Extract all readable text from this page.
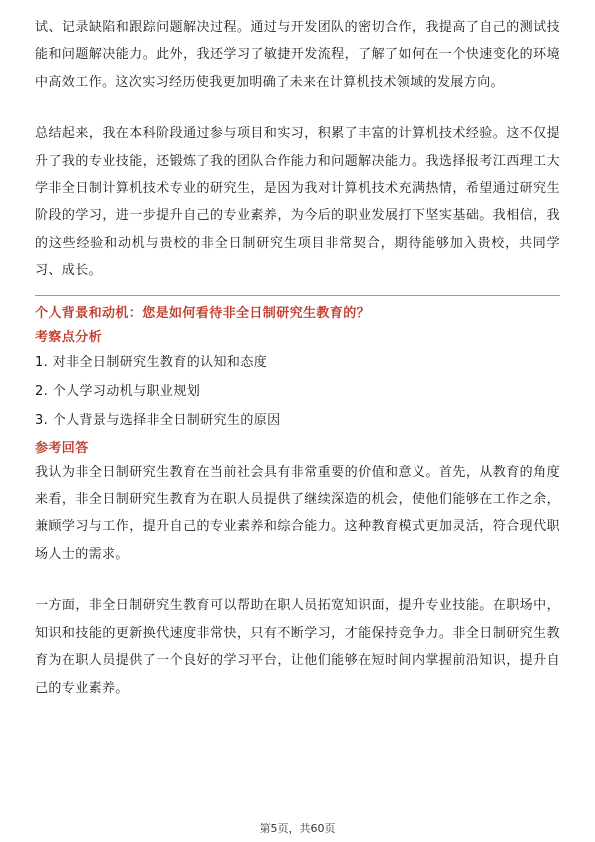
试、记录缺陷和跟踪问题解决过程。通过与开发团队的密切合作，我提高了自己的测试技能和问题解决能力。此外，我还学习了敏捷开发流程，了解了如何在一个快速变化的环境中高效工作。这次实习经历使我更加明确了未来在计算机技术领域的发展方向。

总结起来，我在本科阶段通过参与项目和实习，积累了丰富的计算机技术经验。这不仅提升了我的专业技能，还锻炼了我的团队合作能力和问题解决能力。我选择报考江西理工大学非全日制计算机技术专业的研究生，是因为我对计算机技术充满热情，希望通过研究生阶段的学习，进一步提升自己的专业素养，为今后的职业发展打下坚实基础。我相信，我的这些经验和动机与贵校的非全日制研究生项目非常契合，期待能够加入贵校，共同学习、成长。

个人背景和动机：您是如何看待非全日制研究生教育的？

考察点分析

1. 对非全日制研究生教育的认知和态度

2. 个人学习动机与职业规划

3. 个人背景与选择非全日制研究生的原因

参考回答

我认为非全日制研究生教育在当前社会具有非常重要的价值和意义。首先，从教育的角度来看，非全日制研究生教育为在职人员提供了继续深造的机会，使他们能够在工作之余，兼顾学习与工作，提升自己的专业素养和综合能力。这种教育模式更加灵活，符合现代职场人士的需求。

一方面，非全日制研究生教育可以帮助在职人员拓宽知识面，提升专业技能。在职场中，知识和技能的更新换代速度非常快，只有不断学习，才能保持竞争力。非全日制研究生教育为在职人员提供了一个良好的学习平台，让他们能够在短时间内掌握前沿知识，提升自己的专业素养。

第5页，共60页
